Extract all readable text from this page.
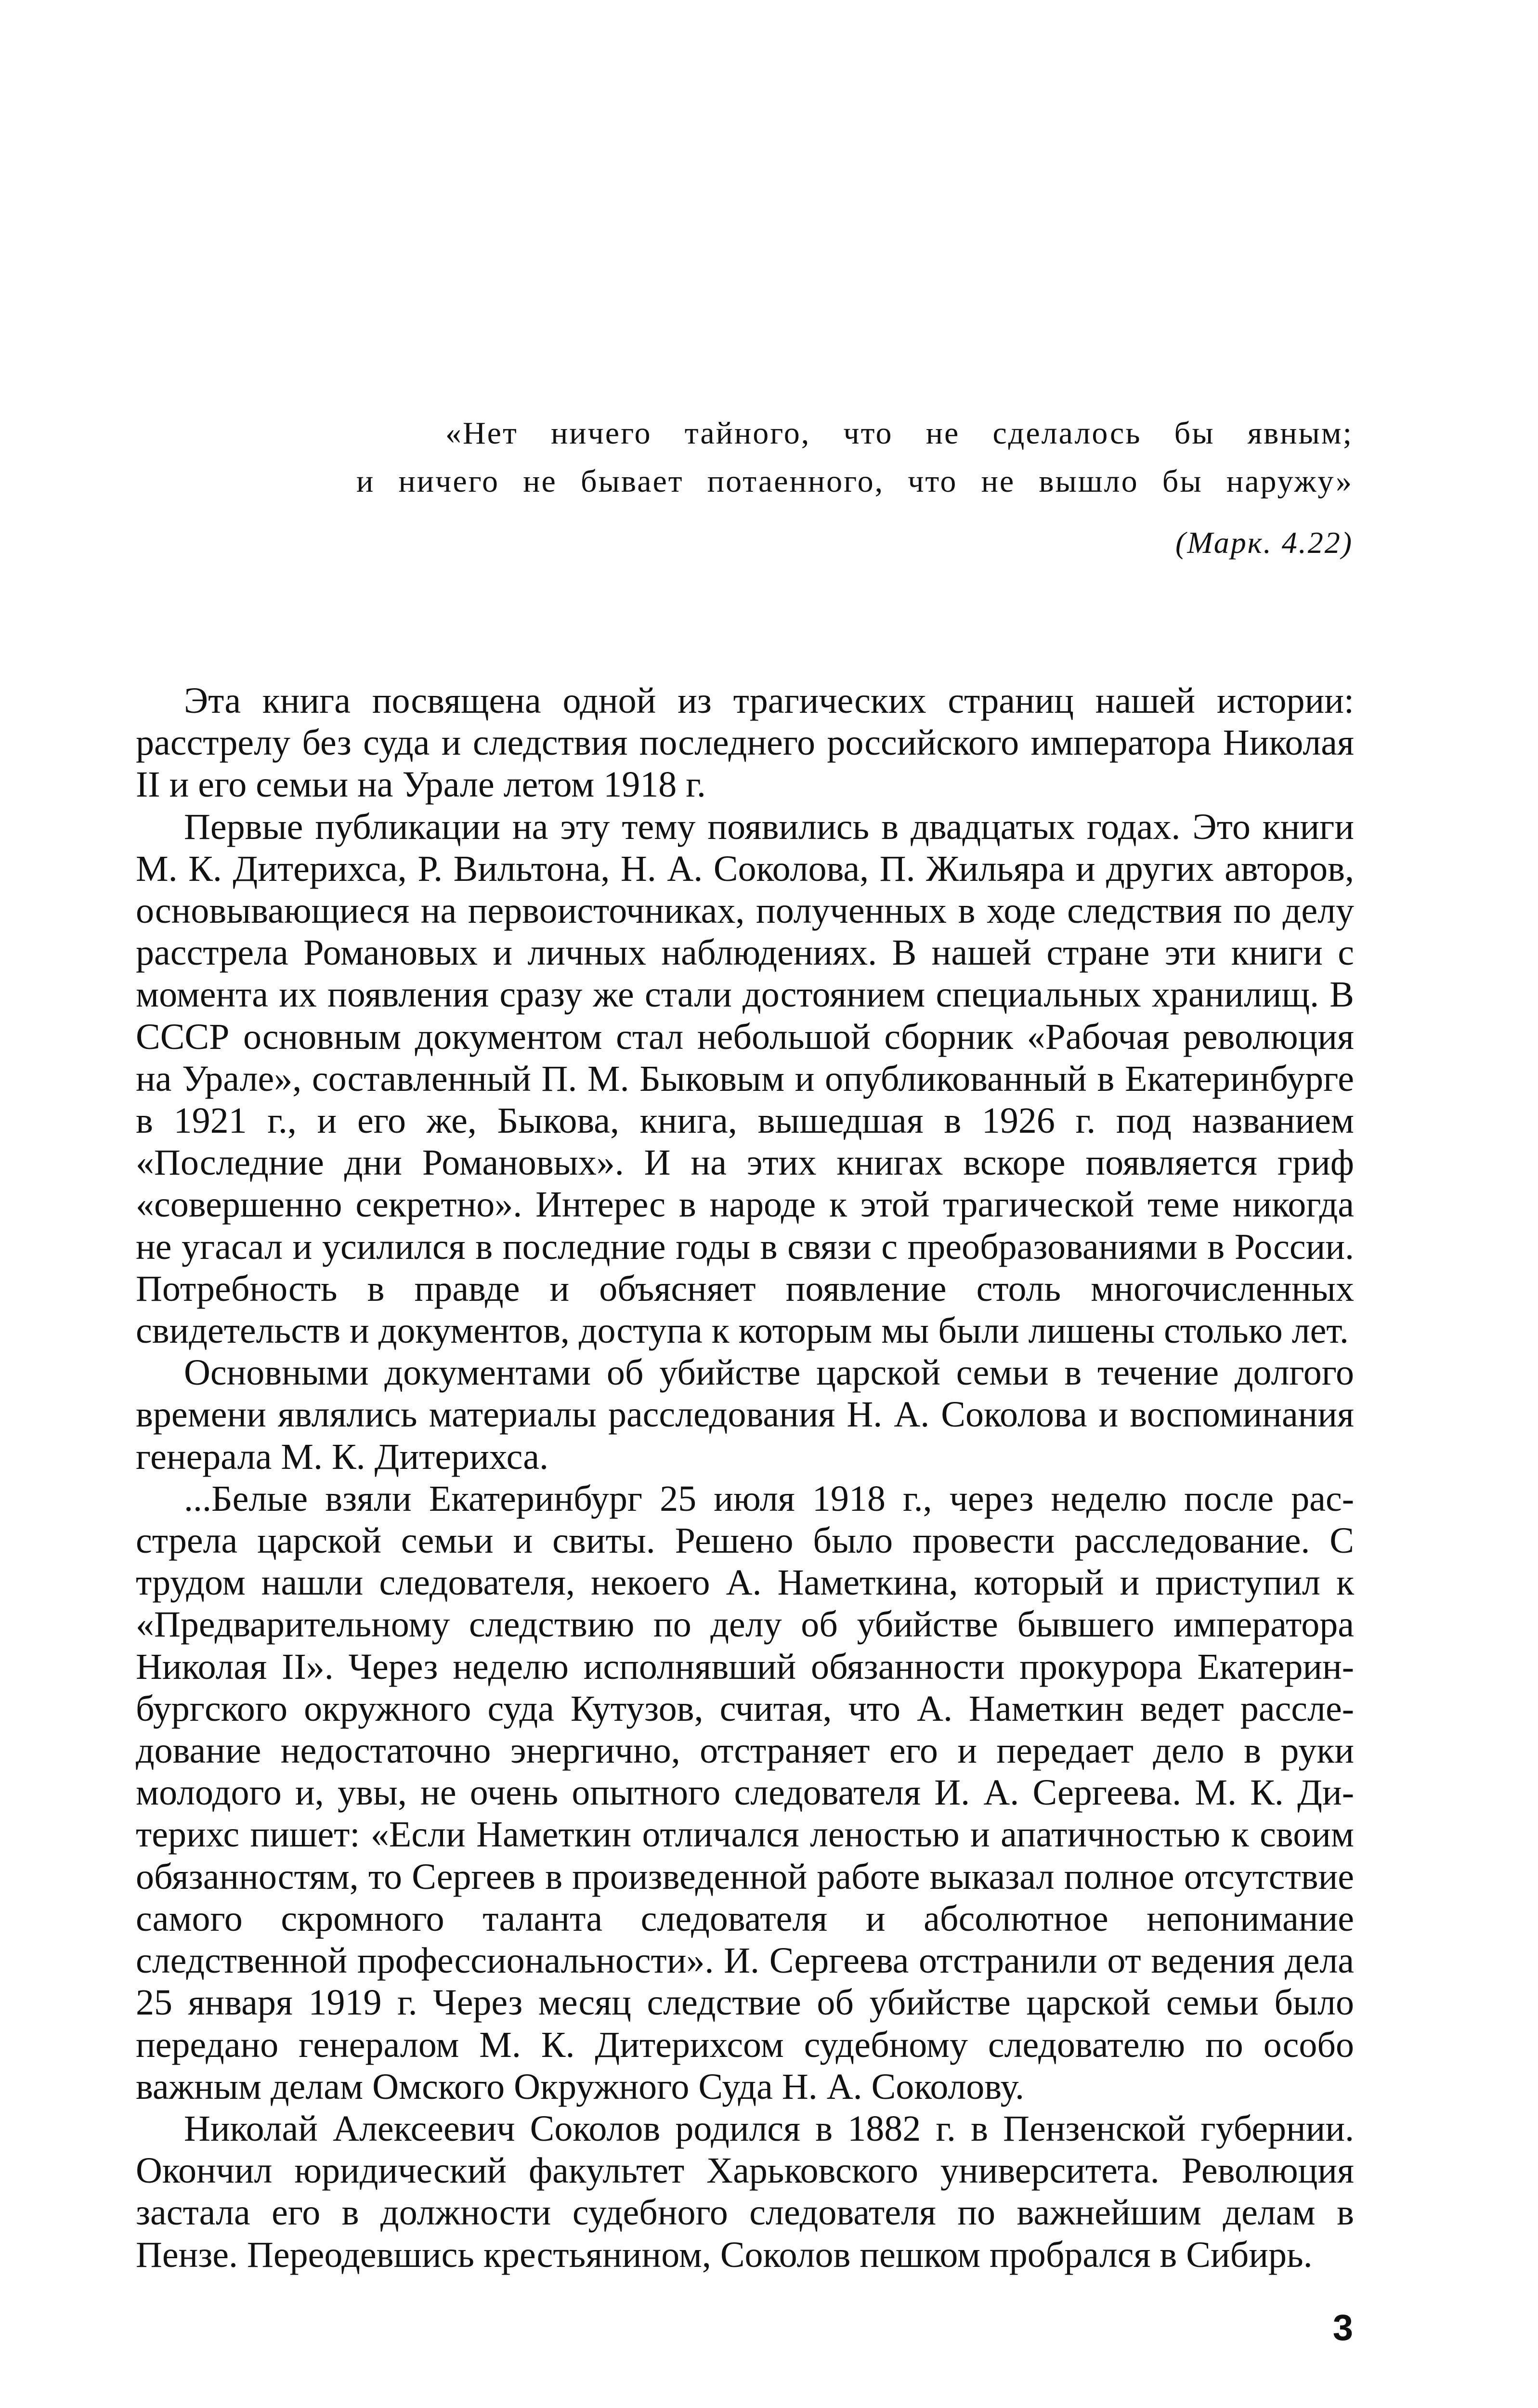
«Нет ничего тайного, что не сделалось бы явным;
и ничего не бывает потаенного, что не вышло бы наружу»
(Марк. 4.22)

Эта книга посвящена одной из трагических страниц нашей истории: расстрелу без суда и следствия последнего российского императора Николая II и его семьи на Урале летом 1918 г.

Первые публикации на эту тему появились в двадцатых годах. Это книги М. К. Дитерихса, Р. Вильтона, Н. А. Соколова, П. Жильяра и других авторов, основывающиеся на первоисточниках, полученных в ходе следствия по делу расстрела Романовых и личных наблюдениях. В нашей стране эти книги с момента их появления сразу же стали достоянием специальных хранилищ. В СССР основным документом стал небольшой сборник «Рабочая революция на Урале», составленный П. М. Быковым и опубликованный в Екатеринбурге в 1921 г., и его же, Быкова, книга, вышедшая в 1926 г. под названием «Последние дни Романовых». И на этих книгах вскоре появляется гриф «совершенно секретно». Интерес в народе к этой трагической теме никогда не угасал и усилился в последние годы в связи с преобразованиями в России. Потребность в правде и объясняет появление столь многочисленных свидетельств и документов, доступа к которым мы были лишены столько лет.

Основными документами об убийстве царской семьи в течение долгого времени являлись материалы расследования Н. А. Соколова и воспоминания генерала М. К. Дитерихса.

...Белые взяли Екатеринбург 25 июля 1918 г., через неделю после расстрела царской семьи и свиты. Решено было провести расследование. С трудом нашли следователя, некоего А. Наметкина, который и приступил к «Предварительному следствию по делу об убийстве бывшего императора Николая II». Через неделю исполнявший обязанности прокурора Екатеринбургского окружного суда Кутузов, считая, что А. Наметкин ведет расследование недостаточно энергично, отстраняет его и передает дело в руки молодого и, увы, не очень опытного следователя И. А. Сергеева. М. К. Дитерихс пишет: «Если Наметкин отличался леностью и апатичностью к своим обязанностям, то Сергеев в произведенной работе выказал полное отсутствие самого скромного таланта следователя и абсолютное непонимание следственной профессиональности». И. Сергеева отстранили от ведения дела 25 января 1919 г. Через месяц следствие об убийстве царской семьи было передано генералом М. К. Дитерихсом судебному следователю по особо важным делам Омского Окружного Суда Н. А. Соколову.

Николай Алексеевич Соколов родился в 1882 г. в Пензенской губернии. Окончил юридический факультет Харьковского университета. Революция застала его в должности судебного следователя по важнейшим делам в Пензе. Переодевшись крестьянином, Соколов пешком пробрался в Сибирь.

3
